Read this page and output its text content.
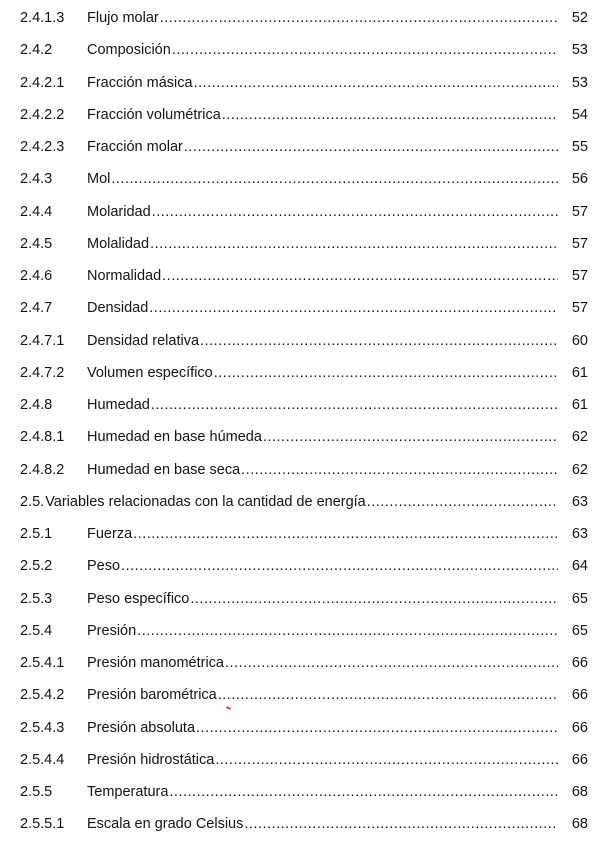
2.4.1.3	Flujo molar .....	52
2.4.2	Composición .....	53
2.4.2.1	Fracción másica .....	53
2.4.2.2	Fracción volumétrica .....	54
2.4.2.3	Fracción molar .....	55
2.4.3	Mol .....	56
2.4.4	Molaridad .....	57
2.4.5	Molalidad .....	57
2.4.6	Normalidad .....	57
2.4.7	Densidad .....	57
2.4.7.1	Densidad relativa .....	60
2.4.7.2	Volumen específico .....	61
2.4.8	Humedad .....	61
2.4.8.1	Humedad en base húmeda .....	62
2.4.8.2	Humedad en base seca .....	62
2.5. Variables relacionadas con la cantidad de energía .....	63
2.5.1	Fuerza .....	63
2.5.2	Peso .....	64
2.5.3	Peso específico .....	65
2.5.4	Presión .....	65
2.5.4.1	Presión manométrica .....	66
2.5.4.2	Presión barométrica .....	66
2.5.4.3	Presión absoluta .....	66
2.5.4.4	Presión hidrostática .....	66
2.5.5	Temperatura .....	68
2.5.5.1	Escala en grado Celsius .....	68
